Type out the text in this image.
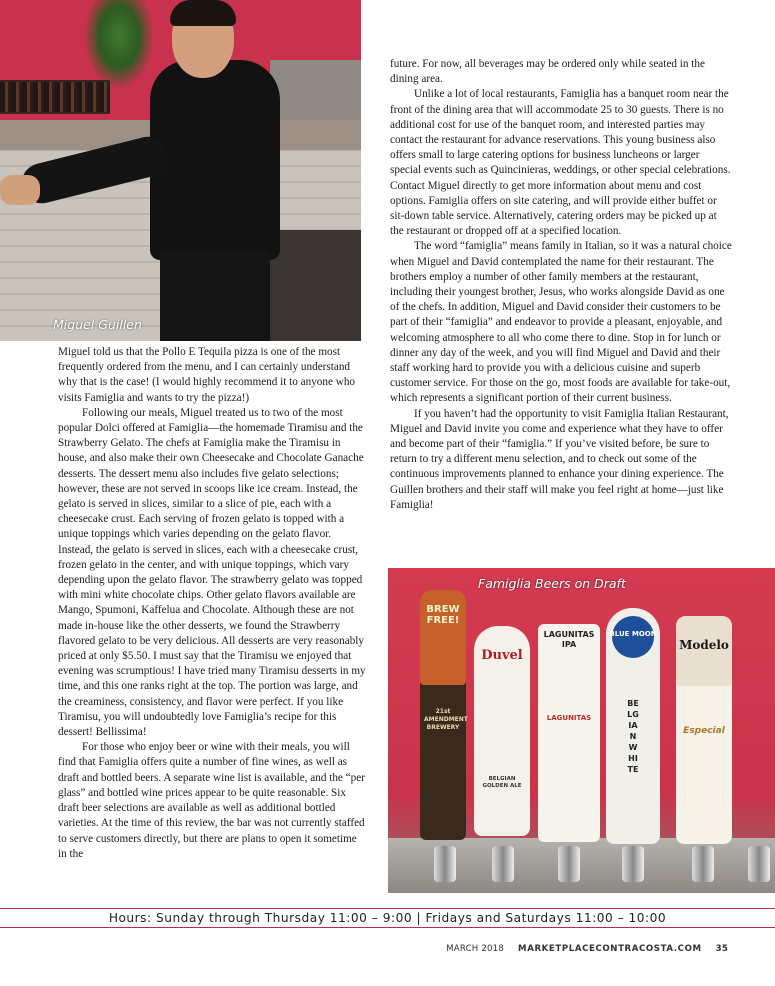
Miguel Guillen

Miguel told us that the Pollo E Tequila pizza is one of the most frequently ordered from the menu, and I can certainly understand why that is the case! (I would highly recommend it to anyone who visits Famiglia and wants to try the pizza!)

Following our meals, Miguel treated us to two of the most popular Dolci offered at Famiglia—the homemade Tiramisu and the Strawberry Gelato. The chefs at Famiglia make the Tiramisu in house, and also make their own Cheesecake and Chocolate Ganache desserts. The dessert menu also includes five gelato selections; however, these are not served in scoops like ice cream. Instead, the gelato is served in slices, similar to a slice of pie, each with a cheesecake crust. Each serving of frozen gelato is topped with a unique toppings which varies depending on the gelato flavor. Instead, the gelato is served in slices, each with a cheesecake crust, frozen gelato in the center, and with unique toppings, which vary depending upon the gelato flavor. The strawberry gelato was topped with mini white chocolate chips. Other gelato flavors available are Mango, Spumoni, Kaffelua and Chocolate. Although these are not made in-house like the other desserts, we found the Strawberry flavored gelato to be very delicious. All desserts are very reasonably priced at only $5.50. I must say that the Tiramisu we enjoyed that evening was scrumptious! I have tried many Tiramisu desserts in my time, and this one ranks right at the top. The portion was large, and the creaminess, consistency, and flavor were perfect. If you like Tiramisu, you will undoubtedly love Famiglia’s recipe for this dessert! Bellissima!

For those who enjoy beer or wine with their meals, you will find that Famiglia offers quite a number of fine wines, as well as draft and bottled beers. A separate wine list is available, and the “per glass” and bottled wine prices appear to be quite reasonable. Six draft beer selections are available as well as additional bottled varieties. At the time of this review, the bar was not currently staffed to serve customers directly, but there are plans to open it sometime in the

future. For now, all beverages may be ordered only while seated in the dining area.

Unlike a lot of local restaurants, Famiglia has a banquet room near the front of the dining area that will accommodate 25 to 30 guests. There is no additional cost for use of the banquet room, and interested parties may contact the restaurant for advance reservations. This young business also offers small to large catering options for business luncheons or larger special events such as Quincinieras, weddings, or other special celebrations. Contact Miguel directly to get more information about menu and cost options. Famiglia offers on site catering, and will provide either buffet or sit-down table service. Alternatively, catering orders may be picked up at the restaurant or dropped off at a specified location.

The word “famiglia” means family in Italian, so it was a natural choice when Miguel and David contemplated the name for their restaurant. The brothers employ a number of other family members at the restaurant, including their youngest brother, Jesus, who works alongside David as one of the chefs. In addition, Miguel and David consider their customers to be part of their “famiglia” and endeavor to provide a pleasant, enjoyable, and welcoming atmosphere to all who come there to dine. Stop in for lunch or dinner any day of the week, and you will find Miguel and David and their staff working hard to provide you with a delicious cuisine and superb customer service. For those on the go, most foods are available for take-out, which represents a significant portion of their current business.

If you haven’t had the opportunity to visit Famiglia Italian Restaurant, Miguel and David invite you come and experience what they have to offer and become part of their “famiglia.” If you’ve visited before, be sure to return to try a different menu selection, and to check out some of the continuous improvements planned to enhance your dining experience. The Guillen brothers and their staff will make you feel right at home—just like Famiglia!

BREW FREE!
21st AMENDMENT BREWERY
Duvel
BELGIAN GOLDEN ALE
LAGUNITAS IPA
LAGUNITAS
BLUE MOON
BELGIAN WHITE
Modelo
Especial
Famiglia Beers on Draft
Hours: Sunday through Thursday 11:00 – 9:00 | Fridays and Saturdays 11:00 – 10:00
MARCH 2018 MARKETPLACECONTRACOSTA.COM 35
